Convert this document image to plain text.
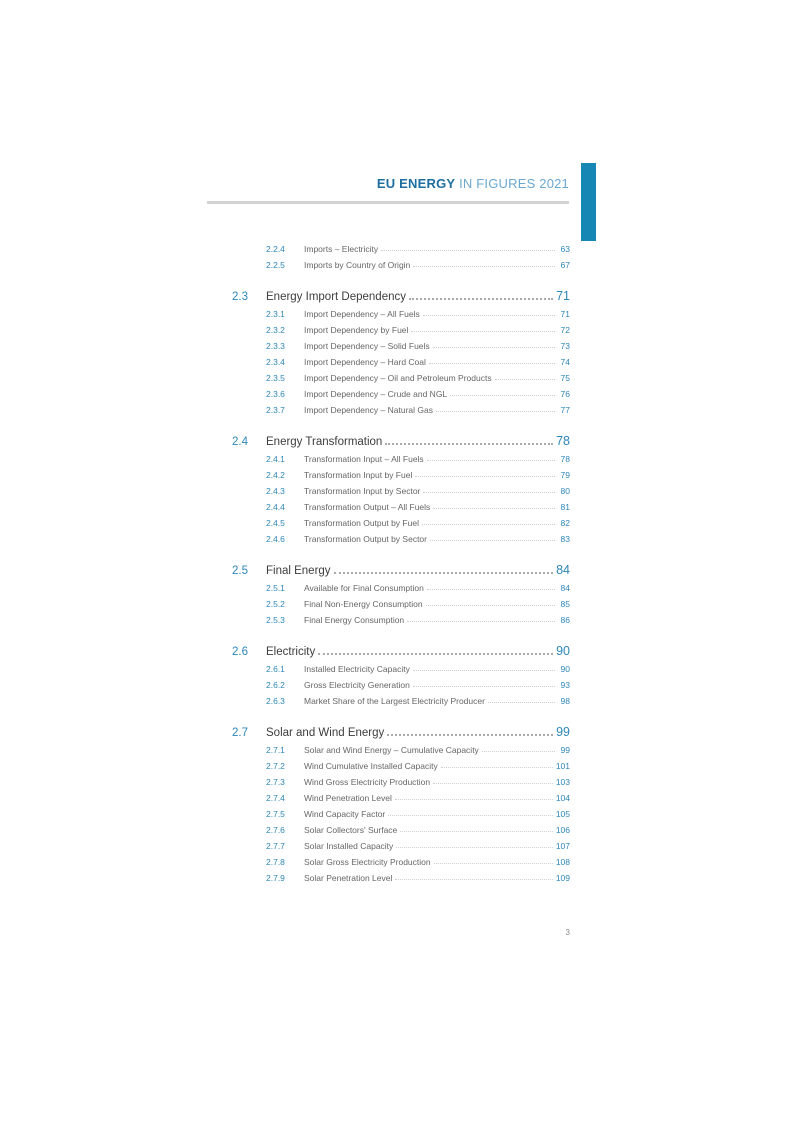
EU ENERGY IN FIGURES 2021
2.2.4	Imports – Electricity	63
2.2.5	Imports by Country of Origin	67
2.3	Energy Import Dependency	71
2.3.1	Import Dependency – All Fuels	71
2.3.2	Import Dependency by Fuel	72
2.3.3	Import Dependency – Solid Fuels	73
2.3.4	Import Dependency – Hard Coal	74
2.3.5	Import Dependency – Oil and Petroleum Products	75
2.3.6	Import Dependency – Crude and NGL	76
2.3.7	Import Dependency – Natural Gas	77
2.4	Energy Transformation	78
2.4.1	Transformation Input – All Fuels	78
2.4.2	Transformation Input by Fuel	79
2.4.3	Transformation Input by Sector	80
2.4.4	Transformation Output – All Fuels	81
2.4.5	Transformation Output by Fuel	82
2.4.6	Transformation Output by Sector	83
2.5	Final Energy	84
2.5.1	Available for Final Consumption	84
2.5.2	Final Non-Energy Consumption	85
2.5.3	Final Energy Consumption	86
2.6	Electricity	90
2.6.1	Installed Electricity Capacity	90
2.6.2	Gross Electricity Generation	93
2.6.3	Market Share of the Largest Electricity Producer	98
2.7	Solar and Wind Energy	99
2.7.1	Solar and Wind Energy – Cumulative Capacity	99
2.7.2	Wind Cumulative Installed Capacity	101
2.7.3	Wind Gross Electricity Production	103
2.7.4	Wind Penetration Level	104
2.7.5	Wind Capacity Factor	105
2.7.6	Solar Collectors' Surface	106
2.7.7	Solar Installed Capacity	107
2.7.8	Solar Gross Electricity Production	108
2.7.9	Solar Penetration Level	109
3
